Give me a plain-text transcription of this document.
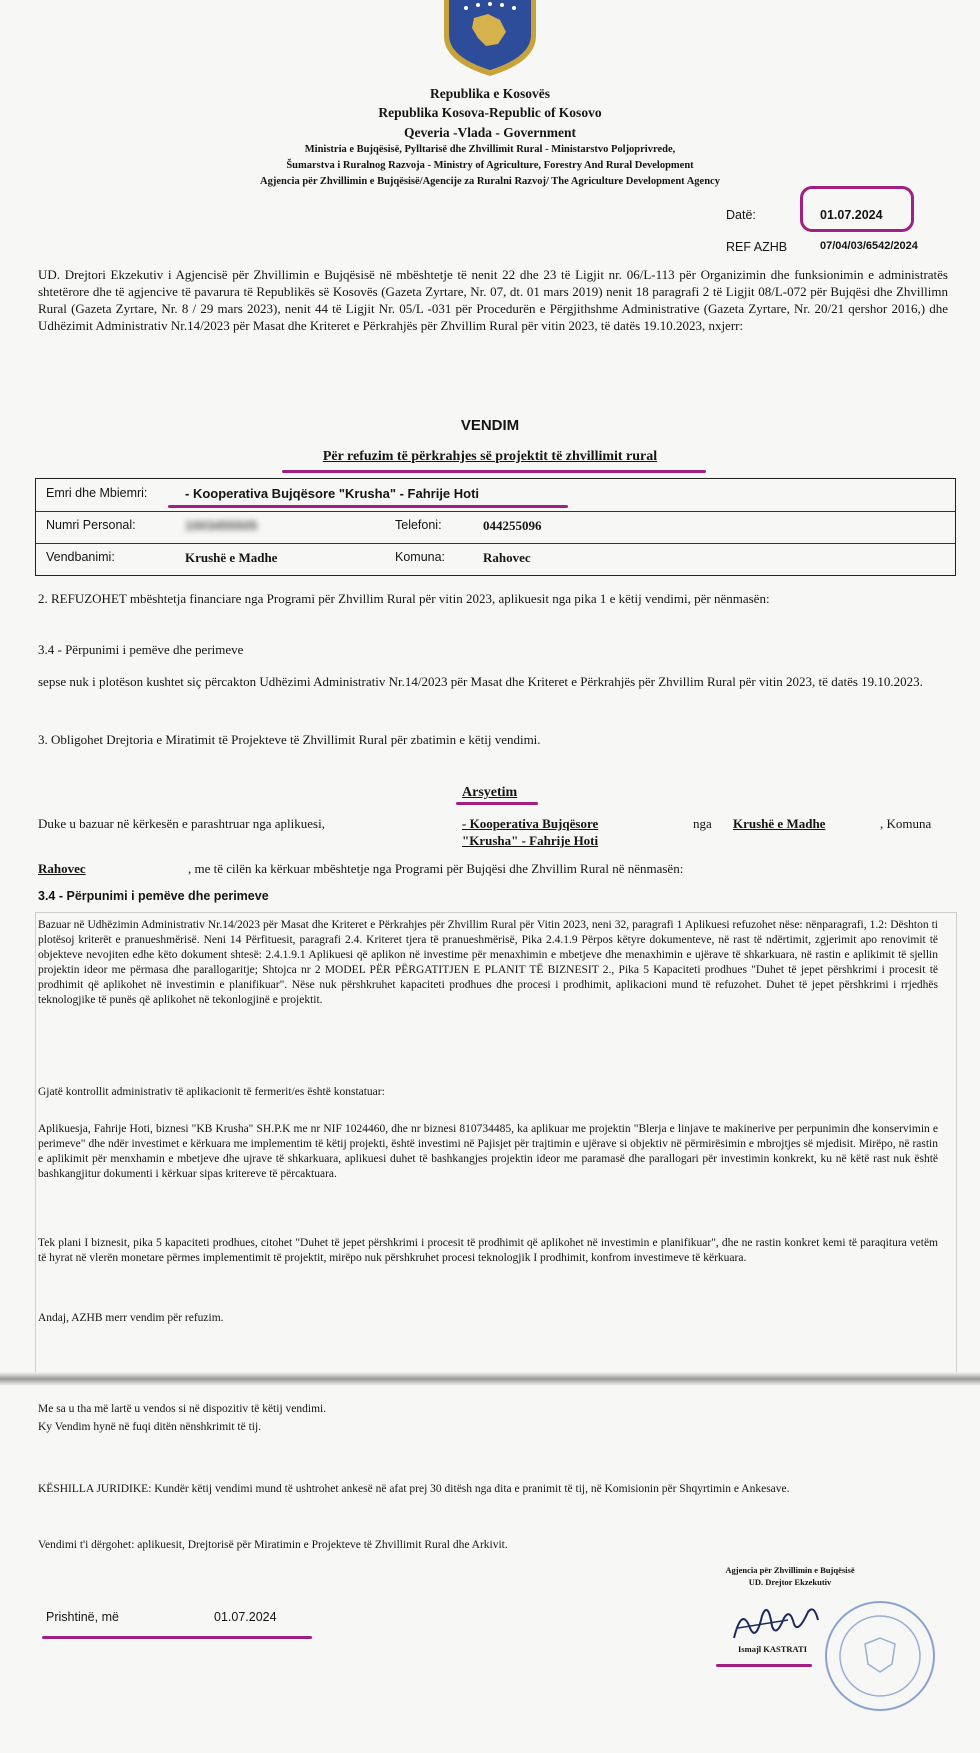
Republika e Kosovës
Republika Kosova-Republic of Kosovo
Qeveria -Vlada - Government
Ministria e Bujqësisë, Pylltarisë dhe Zhvillimit Rural - Ministarstvo Poljoprivrede,
Šumarstva i Ruralnog Razvoja - Ministry of Agriculture, Forestry And Rural Development
Agjencia për Zhvillimin e Bujqësisë/Agencije za Ruralni Razvoj/ The Agriculture Development Agency
Datë:	01.07.2024
REF AZHB	07/04/03/6542/2024
UD. Drejtori Ekzekutiv i Agjencisë për Zhvillimin e Bujqësisë në mbështetje të nenit 22 dhe 23 të Ligjit nr. 06/L-113 për Organizimin dhe funksionimin e administratës shtetërore dhe të agjencive të pavarura të Republikës së Kosovës (Gazeta Zyrtare, Nr. 07, dt. 01 mars 2019) nenit 18 paragrafi 2 të Ligjit 08/L-072 për Bujqësi dhe Zhvillimn Rural (Gazeta Zyrtare, Nr. 8 / 29 mars 2023), nenit 44 të Ligjit Nr. 05/L -031 për Procedurën e Përgjithshme Administrative (Gazeta Zyrtare, Nr. 20/21 qershor 2016,) dhe Udhëzimit Administrativ Nr.14/2023 për Masat dhe Kriteret e Përkrahjës për Zhvillim Rural për vitin 2023, të datës 19.10.2023, nxjerr:
VENDIM
Për refuzim të përkrahjes së projektit të zhvillimit rural
Emri dhe Mbiemri:	- Kooperativa Bujqësore "Krusha" - Fahrije Hoti
Numri Personal:	1003455505	Telefoni:	044255096
Vendbanimi:	Krushë e Madhe	Komuna:	Rahovec
2. REFUZOHET mbështetja financiare nga Programi për Zhvillim Rural për vitin 2023, aplikuesit nga pika 1 e këtij vendimi, për nënmasën:
3.4 - Përpunimi i pemëve dhe perimeve
sepse nuk i plotëson kushtet siç përcakton Udhëzimi Administrativ Nr.14/2023 për Masat dhe Kriteret e Përkrahjës për Zhvillim Rural për vitin 2023, të datës 19.10.2023.
3. Obligohet Drejtoria e Miratimit të Projekteve të Zhvillimit Rural për zbatimin e këtij vendimi.
Arsyetim
Duke u bazuar në kërkesën e parashtruar nga aplikuesi,	- Kooperativa Bujqësore
"Krusha" - Fahrije Hoti
nga Krushë e Madhe	, Komuna
Rahovec	, me të cilën ka kërkuar mbështetje nga Programi për Bujqësi dhe Zhvillim Rural në nënmasën:
3.4 - Përpunimi i pemëve dhe perimeve
Bazuar në Udhëzimin Administrativ Nr.14/2023 për Masat dhe Kriteret e Përkrahjes për Zhvillim Rural për Vitin 2023, neni 32, paragrafi 1 Aplikuesi refuzohet nëse: nënparagrafi, 1.2: Dështon ti plotësoj kriterët e pranueshmërisë. Neni 14 Përfituesit, paragrafi 2.4. Kriteret tjera të pranueshmërisë, Pika 2.4.1.9 Përpos këtyre dokumenteve, në rast të ndërtimit, zgjerimit apo renovimit të objekteve nevojiten edhe këto dokument shtesë: 2.4.1.9.1 Aplikuesi që aplikon në investime për menaxhimin e mbetjeve dhe menaxhimin e ujërave të shkarkuara, në rastin e aplikimit të sjellin projektin ideor me përmasa dhe parallogaritje; Shtojca nr 2 MODEL PËR PËRGATITJEN E PLANIT TË BIZNESIT 2., Pika 5 Kapaciteti prodhues "Duhet të jepet përshkrimi i procesit të prodhimit që aplikohet në investimin e planifikuar". Nëse nuk përshkruhet kapaciteti prodhues dhe procesi i prodhimit, aplikacioni mund të refuzohet. Duhet të jepet përshkrimi i rrjedhës teknologjike të punës që aplikohet në tekonlogjinë e projektit.
Gjatë kontrollit administrativ të aplikacionit të fermerit/es është konstatuar:
Aplikuesja, Fahrije Hoti, biznesi "KB Krusha" SH.P.K me nr NIF 1024460, dhe nr biznesi 810734485, ka aplikuar me projektin "Blerja e linjave te makinerive per perpunimin dhe konservimin e perimeve" dhe ndër investimet e kërkuara me implementim të këtij projekti, është investimi në Pajisjet për trajtimin e ujërave si objektiv në përmirësimin e mbrojtjes së mjedisit. Mirëpo, në rastin e aplikimit për menxhamin e mbetjeve dhe ujrave të shkarkuara, aplikuesi duhet të bashkangjes projektin ideor me paramasë dhe parallogari për investimin konkrekt, ku në këtë rast nuk është bashkangjitur dokumenti i kërkuar sipas kritereve të përcaktuara.
Tek plani I biznesit, pika 5 kapaciteti prodhues, citohet "Duhet të jepet përshkrimi i procesit të prodhimit që aplikohet në investimin e planifikuar", dhe ne rastin konkret kemi të paraqitura vetëm të hyrat në vlerën monetare përmes implementimit të projektit, mirëpo nuk përshkruhet procesi teknologjik I prodhimit, konfrom investimeve të kërkuara.
Andaj, AZHB merr vendim për refuzim.
Me sa u tha më lartë u vendos si në dispozitiv të këtij vendimi.
Ky Vendim hynë në fuqi ditën nënshkrimit të tij.
KËSHILLA JURIDIKE: Kundër këtij vendimi mund të ushtrohet ankesë në afat prej 30 ditësh nga dita e pranimit të tij, në Komisionin për Shqyrtimin e Ankesave.
Vendimi t'i dërgohet: aplikuesit, Drejtorisë për Miratimin e Projekteve të Zhvillimit Rural dhe Arkivit.
Prishtinë, më	01.07.2024
Agjencia për Zhvillimin e Bujqësisë
UD. Drejtor Ekzekutiv
Ismajl KASTRATI
